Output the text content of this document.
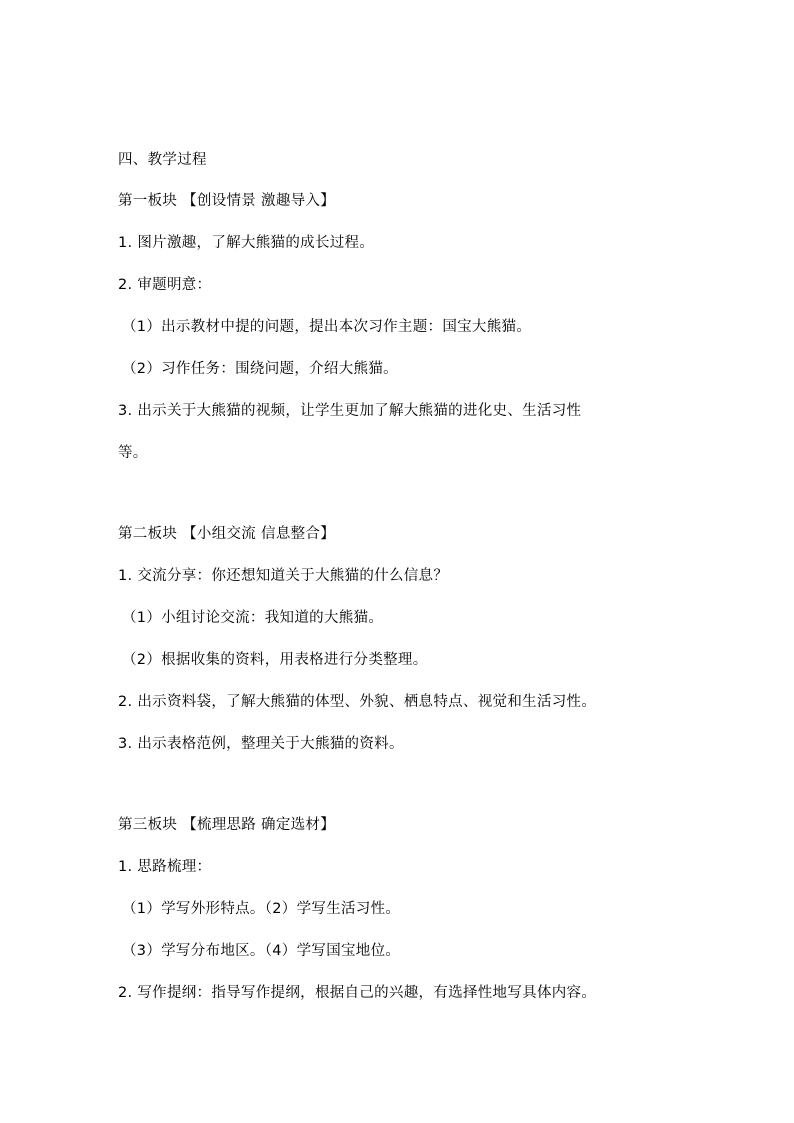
四、教学过程
第一板块 【创设情景 激趣导入】
1. 图片激趣，了解大熊猫的成长过程。
2. 审题明意：
（1）出示教材中提的问题，提出本次习作主题：国宝大熊猫。
（2）习作任务：围绕问题，介绍大熊猫。
3. 出示关于大熊猫的视频，让学生更加了解大熊猫的进化史、生活习性
等。
第二板块 【小组交流 信息整合】
1. 交流分享：你还想知道关于大熊猫的什么信息？
（1）小组讨论交流：我知道的大熊猫。
（2）根据收集的资料，用表格进行分类整理。
2. 出示资料袋，了解大熊猫的体型、外貌、栖息特点、视觉和生活习性。
3. 出示表格范例，整理关于大熊猫的资料。
第三板块 【梳理思路 确定选材】
1. 思路梳理：
（1）学写外形特点。（2）学写生活习性。
（3）学写分布地区。（4）学写国宝地位。
2. 写作提纲：指导写作提纲，根据自己的兴趣，有选择性地写具体内容。
